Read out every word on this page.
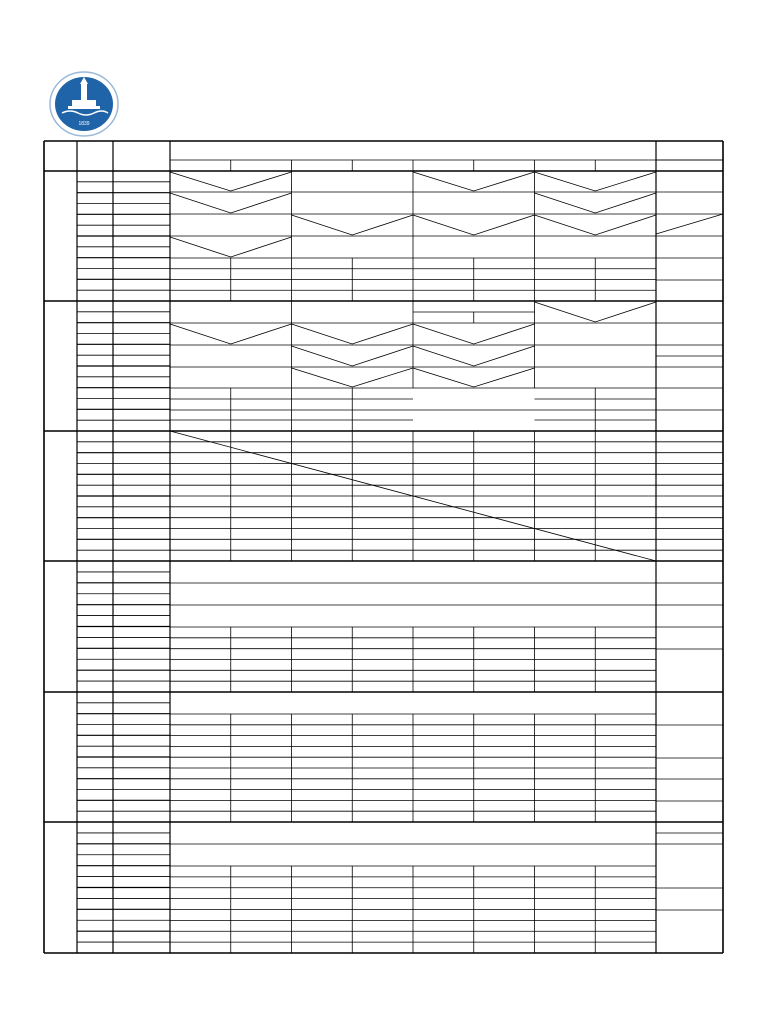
1839
